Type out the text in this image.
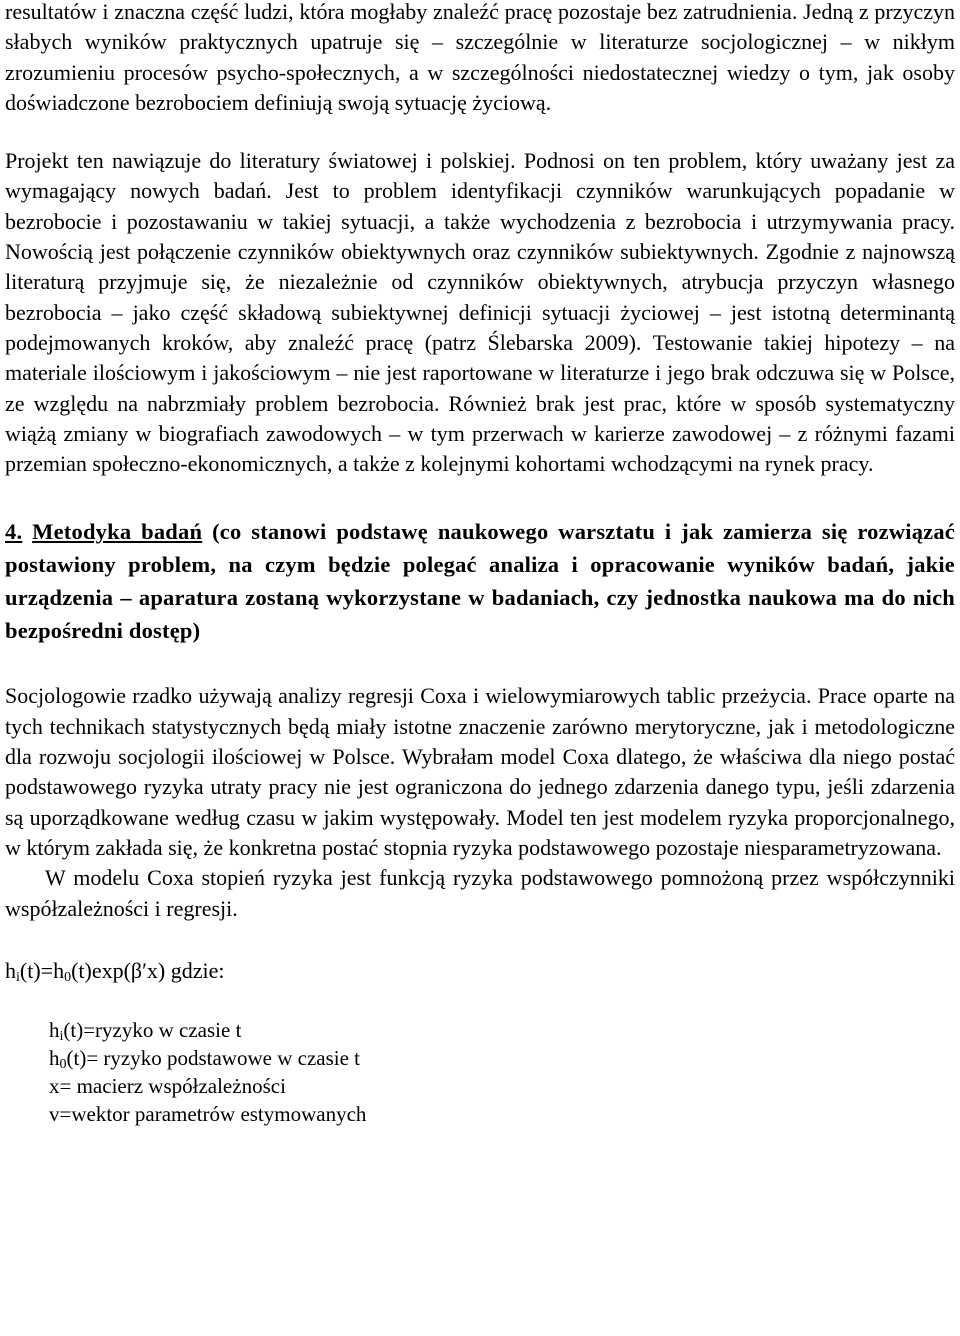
resultatów i znaczna część ludzi, która mogłaby znaleźć pracę pozostaje bez zatrudnienia. Jedną z przyczyn słabych wyników praktycznych upatruje się – szczególnie w literaturze socjologicznej – w nikłym zrozumieniu procesów psycho-społecznych, a w szczególności niedostatecznej wiedzy o tym, jak osoby doświadczone bezrobociem definiują swoją sytuację życiową.

Projekt ten nawiązuje do literatury światowej i polskiej. Podnosi on ten problem, który uważany jest za wymagający nowych badań. Jest to problem identyfikacji czynników warunkujących popadanie w bezrobocie i pozostawaniu w takiej sytuacji, a także wychodzenia z bezrobocia i utrzymywania pracy. Nowością jest połączenie czynników obiektywnych oraz czynników subiektywnych. Zgodnie z najnowszą literaturą przyjmuje się, że niezależnie od czynników obiektywnych, atrybucja przyczyn własnego bezrobocia – jako część składową subiektywnej definicji sytuacji życiowej – jest istotną determinantą podejmowanych kroków, aby znaleźć pracę (patrz Ślebarska 2009). Testowanie takiej hipotezy – na materiale ilościowym i jakościowym – nie jest raportowane w literaturze i jego brak odczuwa się w Polsce, ze względu na nabrzmiały problem bezrobocia. Również brak jest prac, które w sposób systematyczny wiążą zmiany w biografiach zawodowych – w tym przerwach w karierze zawodowej – z różnymi fazami przemian społeczno-ekonomicznych, a także z kolejnymi kohortami wchodzącymi na rynek pracy.

4. Metodyka badań (co stanowi podstawę naukowego warsztatu i jak zamierza się rozwiązać postawiony problem, na czym będzie polegać analiza i opracowanie wyników badań, jakie urządzenia – aparatura zostaną wykorzystane w badaniach, czy jednostka naukowa ma do nich bezpośredni dostęp)

Socjologowie rzadko używają analizy regresji Coxa i wielowymiarowych tablic przeżycia. Prace oparte na tych technikach statystycznych będą miały istotne znaczenie zarówno merytoryczne, jak i metodologiczne dla rozwoju socjologii ilościowej w Polsce. Wybrałam model Coxa dlatego, że właściwa dla niego postać podstawowego ryzyka utraty pracy nie jest ograniczona do jednego zdarzenia danego typu, jeśli zdarzenia są uporządkowane według czasu w jakim występowały. Model ten jest modelem ryzyka proporcjonalnego, w którym zakłada się, że konkretna postać stopnia ryzyka podstawowego pozostaje niesparametryzowana.

W modelu Coxa stopień ryzyka jest funkcją ryzyka podstawowego pomnożoną przez współczynniki współzależności i regresji.

$h_i(t)=h_0(t)\exp(\beta'x)$ gdzie:

$h_i(t)=ryzyko$ w czasie t
$h_0(t)=$ ryzyko podstawowe w czasie t
x= macierz współzależności
v=wektor parametrów estymowanych
